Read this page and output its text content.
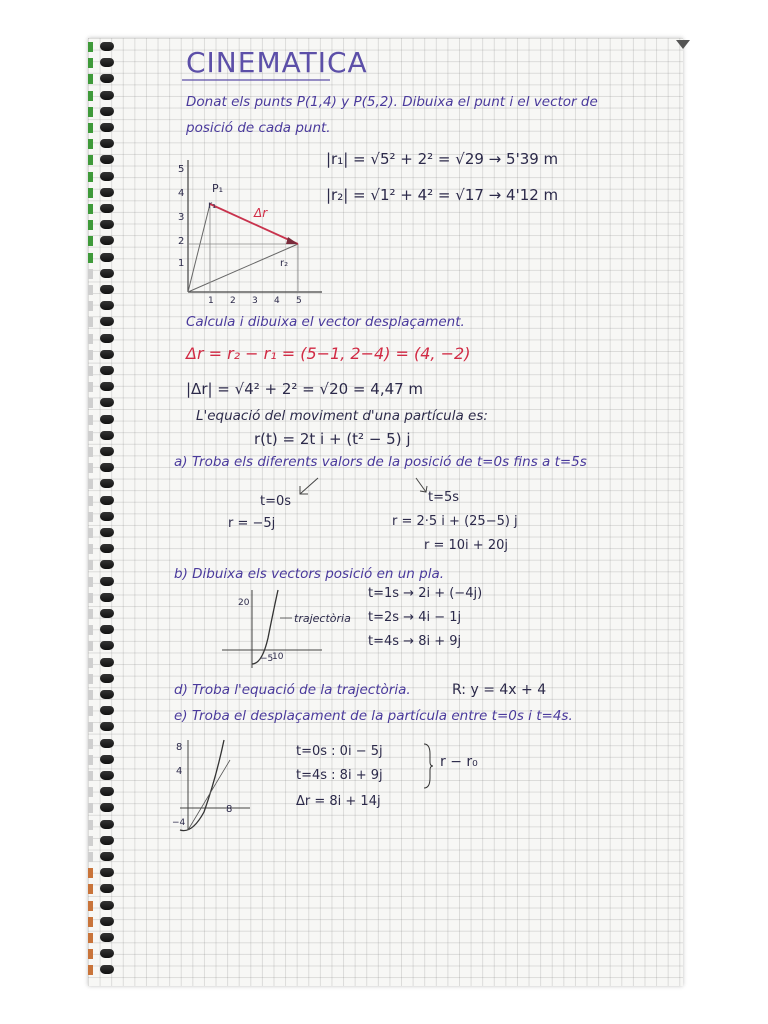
CINEMATICA
Donat els punts P(1,4) y P(5,2). Dibuixa el punt i el vector de
posició de cada punt.
|r₁| = √5² + 2² = √29 → 5'39 m
|r₂| = √1² + 4² = √17 → 4'12 m
P₁
r₁
Δr
r₂
5
4
3
2
1
1 2 3 4 5
Calcula i dibuixa el vector desplaçament.
Δr = r₂ − r₁ = (5−1, 2−4) = (4, −2)
|Δr| = √4² + 2² = √20 = 4,47 m
L'equació del moviment d'una partícula es:
r(t) = 2t i + (t² − 5) j
a) Troba els diferents valors de la posició de t=0s fins a t=5s
t=0s
r = −5j
t=5s
r = 2·5 i + (25−5) j
r = 10i + 20j
b) Dibuixa els vectors posició en un pla.
20
−5
10
trajectòria
t=1s → 2i + (−4j)
t=2s → 4i − 1j
t=4s → 8i + 9j
d) Troba l'equació de la trajectòria.	R: y = 4x + 4
e) Troba el desplaçament de la partícula entre t=0s i t=4s.
8
4
−4
8
t=0s : 0i − 5j
t=4s : 8i + 9j
r − r₀
Δr = 8i + 14j
